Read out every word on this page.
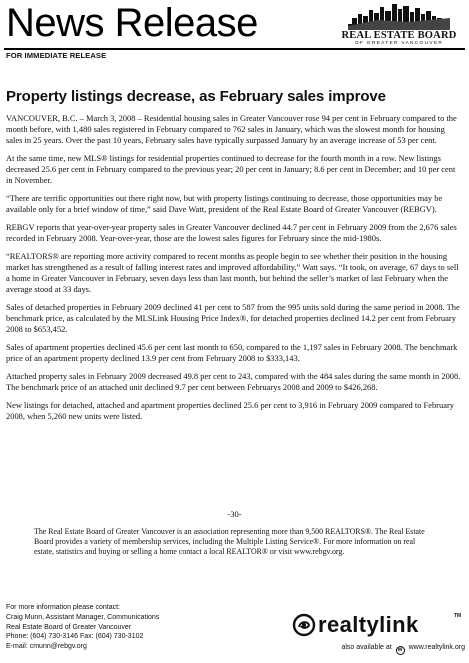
News Release	REAL ESTATE BOARD
OF GREATER VANCOUVER
FOR IMMEDIATE RELEASE
Property listings decrease, as February sales improve

VANCOUVER, B.C. – March 3, 2008 – Residential housing sales in Greater Vancouver rose 94 per cent in February compared to the month before, with 1,480 sales registered in February compared to 762 sales in January, which was the slowest month for housing sales in 25 years. Over the past 10 years, February sales have typically surpassed January by an average increase of 53 per cent.

At the same time, new MLS® listings for residential properties continued to decrease for the fourth month in a row. New listings decreased 25.6 per cent in February compared to the previous year; 20 per cent in January; 8.6 per cent in December; and 10 per cent in November.

“There are terrific opportunities out there right now, but with property listings continuing to decrease, those opportunities may be available only for a brief window of time,” said Dave Watt, president of the Real Estate Board of Greater Vancouver (REBGV).

REBGV reports that year-over-year property sales in Greater Vancouver declined 44.7 per cent in February 2009 from the 2,676 sales recorded in February 2008. Year-over-year, those are the lowest sales figures for February since the mid-1980s.

“REALTORS® are reporting more activity compared to recent months as people begin to see whether their position in the housing market has strengthened as a result of falling interest rates and improved affordability,” Watt says. “It took, on average, 67 days to sell a home in Greater Vancouver in February, seven days less than last month, but behind the seller’s market of last February when the average stood at 33 days.

Sales of detached properties in February 2009 declined 41 per cent to 587 from the 995 units sold during the same period in 2008. The benchmark price, as calculated by the MLSLink Housing Price Index®, for detached properties declined 14.2 per cent from February 2008 to $653,452.

Sales of apartment properties declined 45.6 per cent last month to 650, compared to the 1,197 sales in February 2008. The benchmark price of an apartment property declined 13.9 per cent from February 2008 to $333,143.

Attached property sales in February 2009 decreased 49.8 per cent to 243, compared with the 484 sales during the same month in 2008. The benchmark price of an attached unit declined 9.7 per cent between Februarys 2008 and 2009 to $426,268.

New listings for detached, attached and apartment properties declined 25.6 per cent to 3,916 in February 2009 compared to February 2008, when 5,260 new units were listed.

-30-
The Real Estate Board of Greater Vancouver is an association representing more than 9,500 REALTORS®. The Real Estate Board provides a variety of membership services, including the Multiple Listing Service®. For more information on real estate, statistics and buying or selling a home contact a local REALTOR® or visit www.rebgv.org.
For more information please contact:
Craig Munn, Assistant Manager, Communications
Real Estate Board of Greater Vancouver
Phone: (604) 730-3146 Fax: (604) 730-3102
E-mail: cmunn@rebgv.org
realtylink	TM
also available at w www.realtylink.org
